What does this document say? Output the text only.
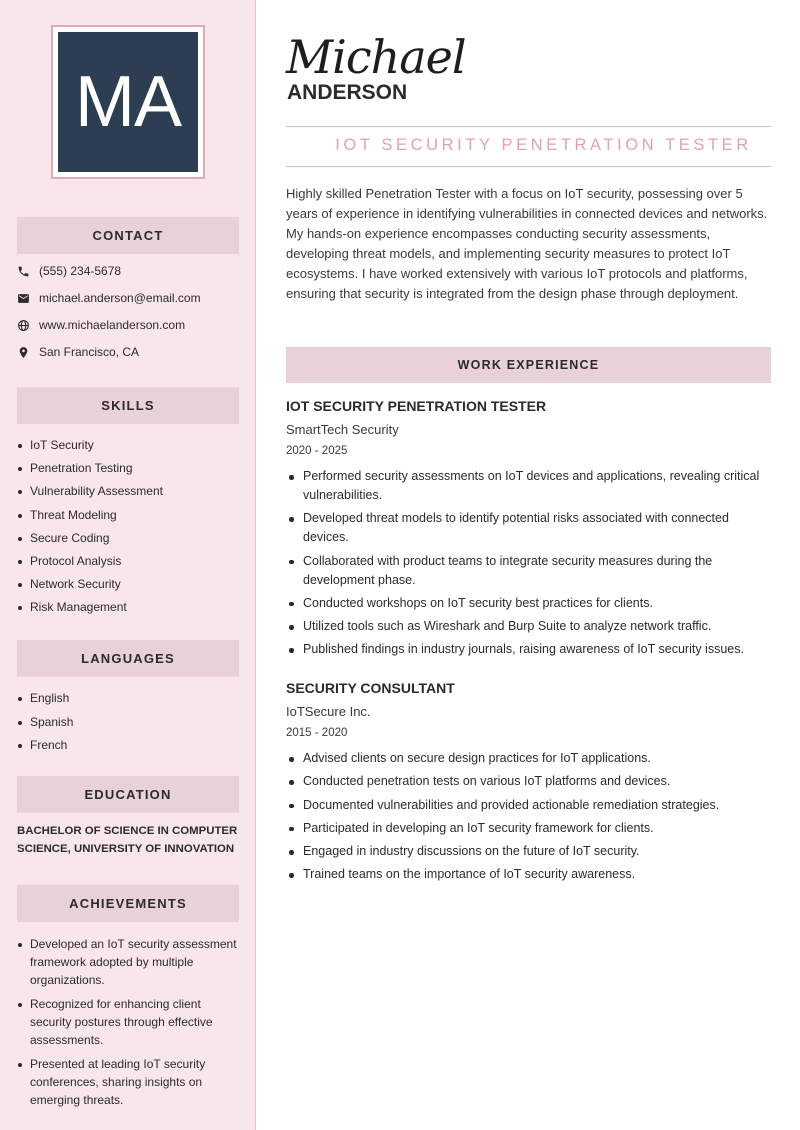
MA
CONTACT
(555) 234-5678
michael.anderson@email.com
www.michaelanderson.com
San Francisco, CA
SKILLS
IoT Security
Penetration Testing
Vulnerability Assessment
Threat Modeling
Secure Coding
Protocol Analysis
Network Security
Risk Management
LANGUAGES
English
Spanish
French
EDUCATION
BACHELOR OF SCIENCE IN COMPUTER SCIENCE, UNIVERSITY OF INNOVATION
ACHIEVEMENTS
Developed an IoT security assessment framework adopted by multiple organizations.
Recognized for enhancing client security postures through effective assessments.
Presented at leading IoT security conferences, sharing insights on emerging threats.
Michael
ANDERSON
IOT SECURITY PENETRATION TESTER

Highly skilled Penetration Tester with a focus on IoT security, possessing over 5 years of experience in identifying vulnerabilities in connected devices and networks. My hands-on experience encompasses conducting security assessments, developing threat models, and implementing security measures to protect IoT ecosystems. I have worked extensively with various IoT protocols and platforms, ensuring that security is integrated from the design phase through deployment.

WORK EXPERIENCE
IOT SECURITY PENETRATION TESTER
SmartTech Security
2020 - 2025
Performed security assessments on IoT devices and applications, revealing critical vulnerabilities.
Developed threat models to identify potential risks associated with connected devices.
Collaborated with product teams to integrate security measures during the development phase.
Conducted workshops on IoT security best practices for clients.
Utilized tools such as Wireshark and Burp Suite to analyze network traffic.
Published findings in industry journals, raising awareness of IoT security issues.
SECURITY CONSULTANT
IoTSecure Inc.
2015 - 2020
Advised clients on secure design practices for IoT applications.
Conducted penetration tests on various IoT platforms and devices.
Documented vulnerabilities and provided actionable remediation strategies.
Participated in developing an IoT security framework for clients.
Engaged in industry discussions on the future of IoT security.
Trained teams on the importance of IoT security awareness.
